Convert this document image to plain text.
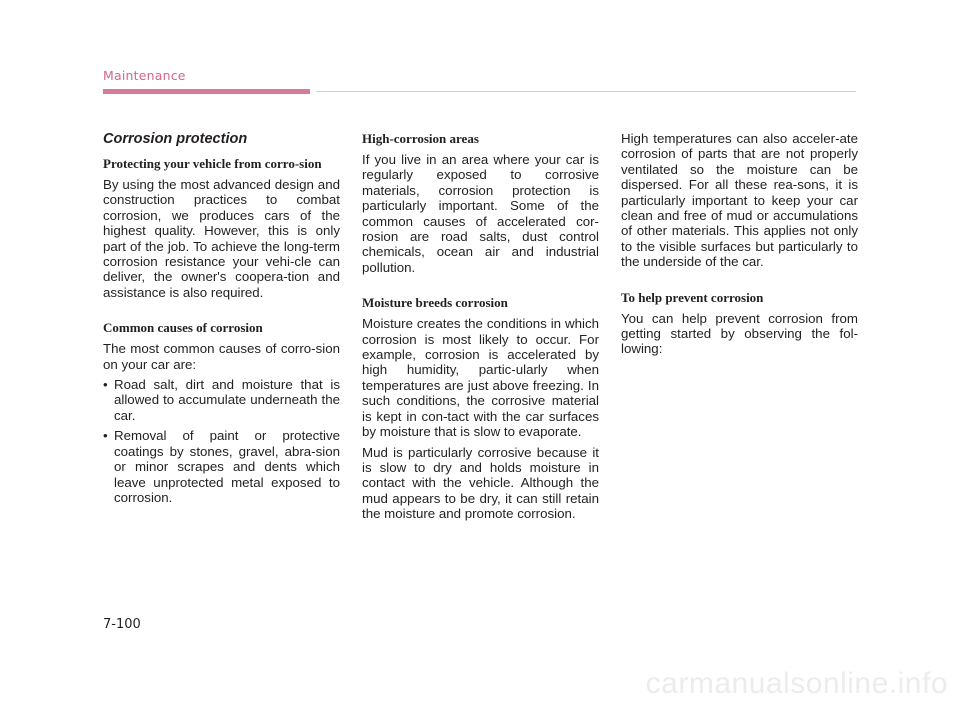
Maintenance
Corrosion protection
Protecting your vehicle from corro-sion

By using the most advanced design and construction practices to combat corrosion, we produces cars of the highest quality. However, this is only part of the job. To achieve the long-term corrosion resistance your vehi-cle can deliver, the owner's coopera-tion and assistance is also required.

Common causes of corrosion

The most common causes of corro-sion on your car are:

• Road salt, dirt and moisture that is allowed to accumulate underneath the car.
• Removal of paint or protective coatings by stones, gravel, abra-sion or minor scrapes and dents which leave unprotected metal exposed to corrosion.
High-corrosion areas

If you live in an area where your car is regularly exposed to corrosive materials, corrosion protection is particularly important. Some of the common causes of accelerated cor-rosion are road salts, dust control chemicals, ocean air and industrial pollution.

Moisture breeds corrosion

Moisture creates the conditions in which corrosion is most likely to occur. For example, corrosion is accelerated by high humidity, partic-ularly when temperatures are just above freezing. In such conditions, the corrosive material is kept in con-tact with the car surfaces by moisture that is slow to evaporate.

Mud is particularly corrosive because it is slow to dry and holds moisture in contact with the vehicle. Although the mud appears to be dry, it can still retain the moisture and promote corrosion.

High temperatures can also acceler-ate corrosion of parts that are not properly ventilated so the moisture can be dispersed. For all these rea-sons, it is particularly important to keep your car clean and free of mud or accumulations of other materials. This applies not only to the visible surfaces but particularly to the underside of the car.

To help prevent corrosion

You can help prevent corrosion from getting started by observing the fol-lowing:

7-100
carmanualsonline.info
